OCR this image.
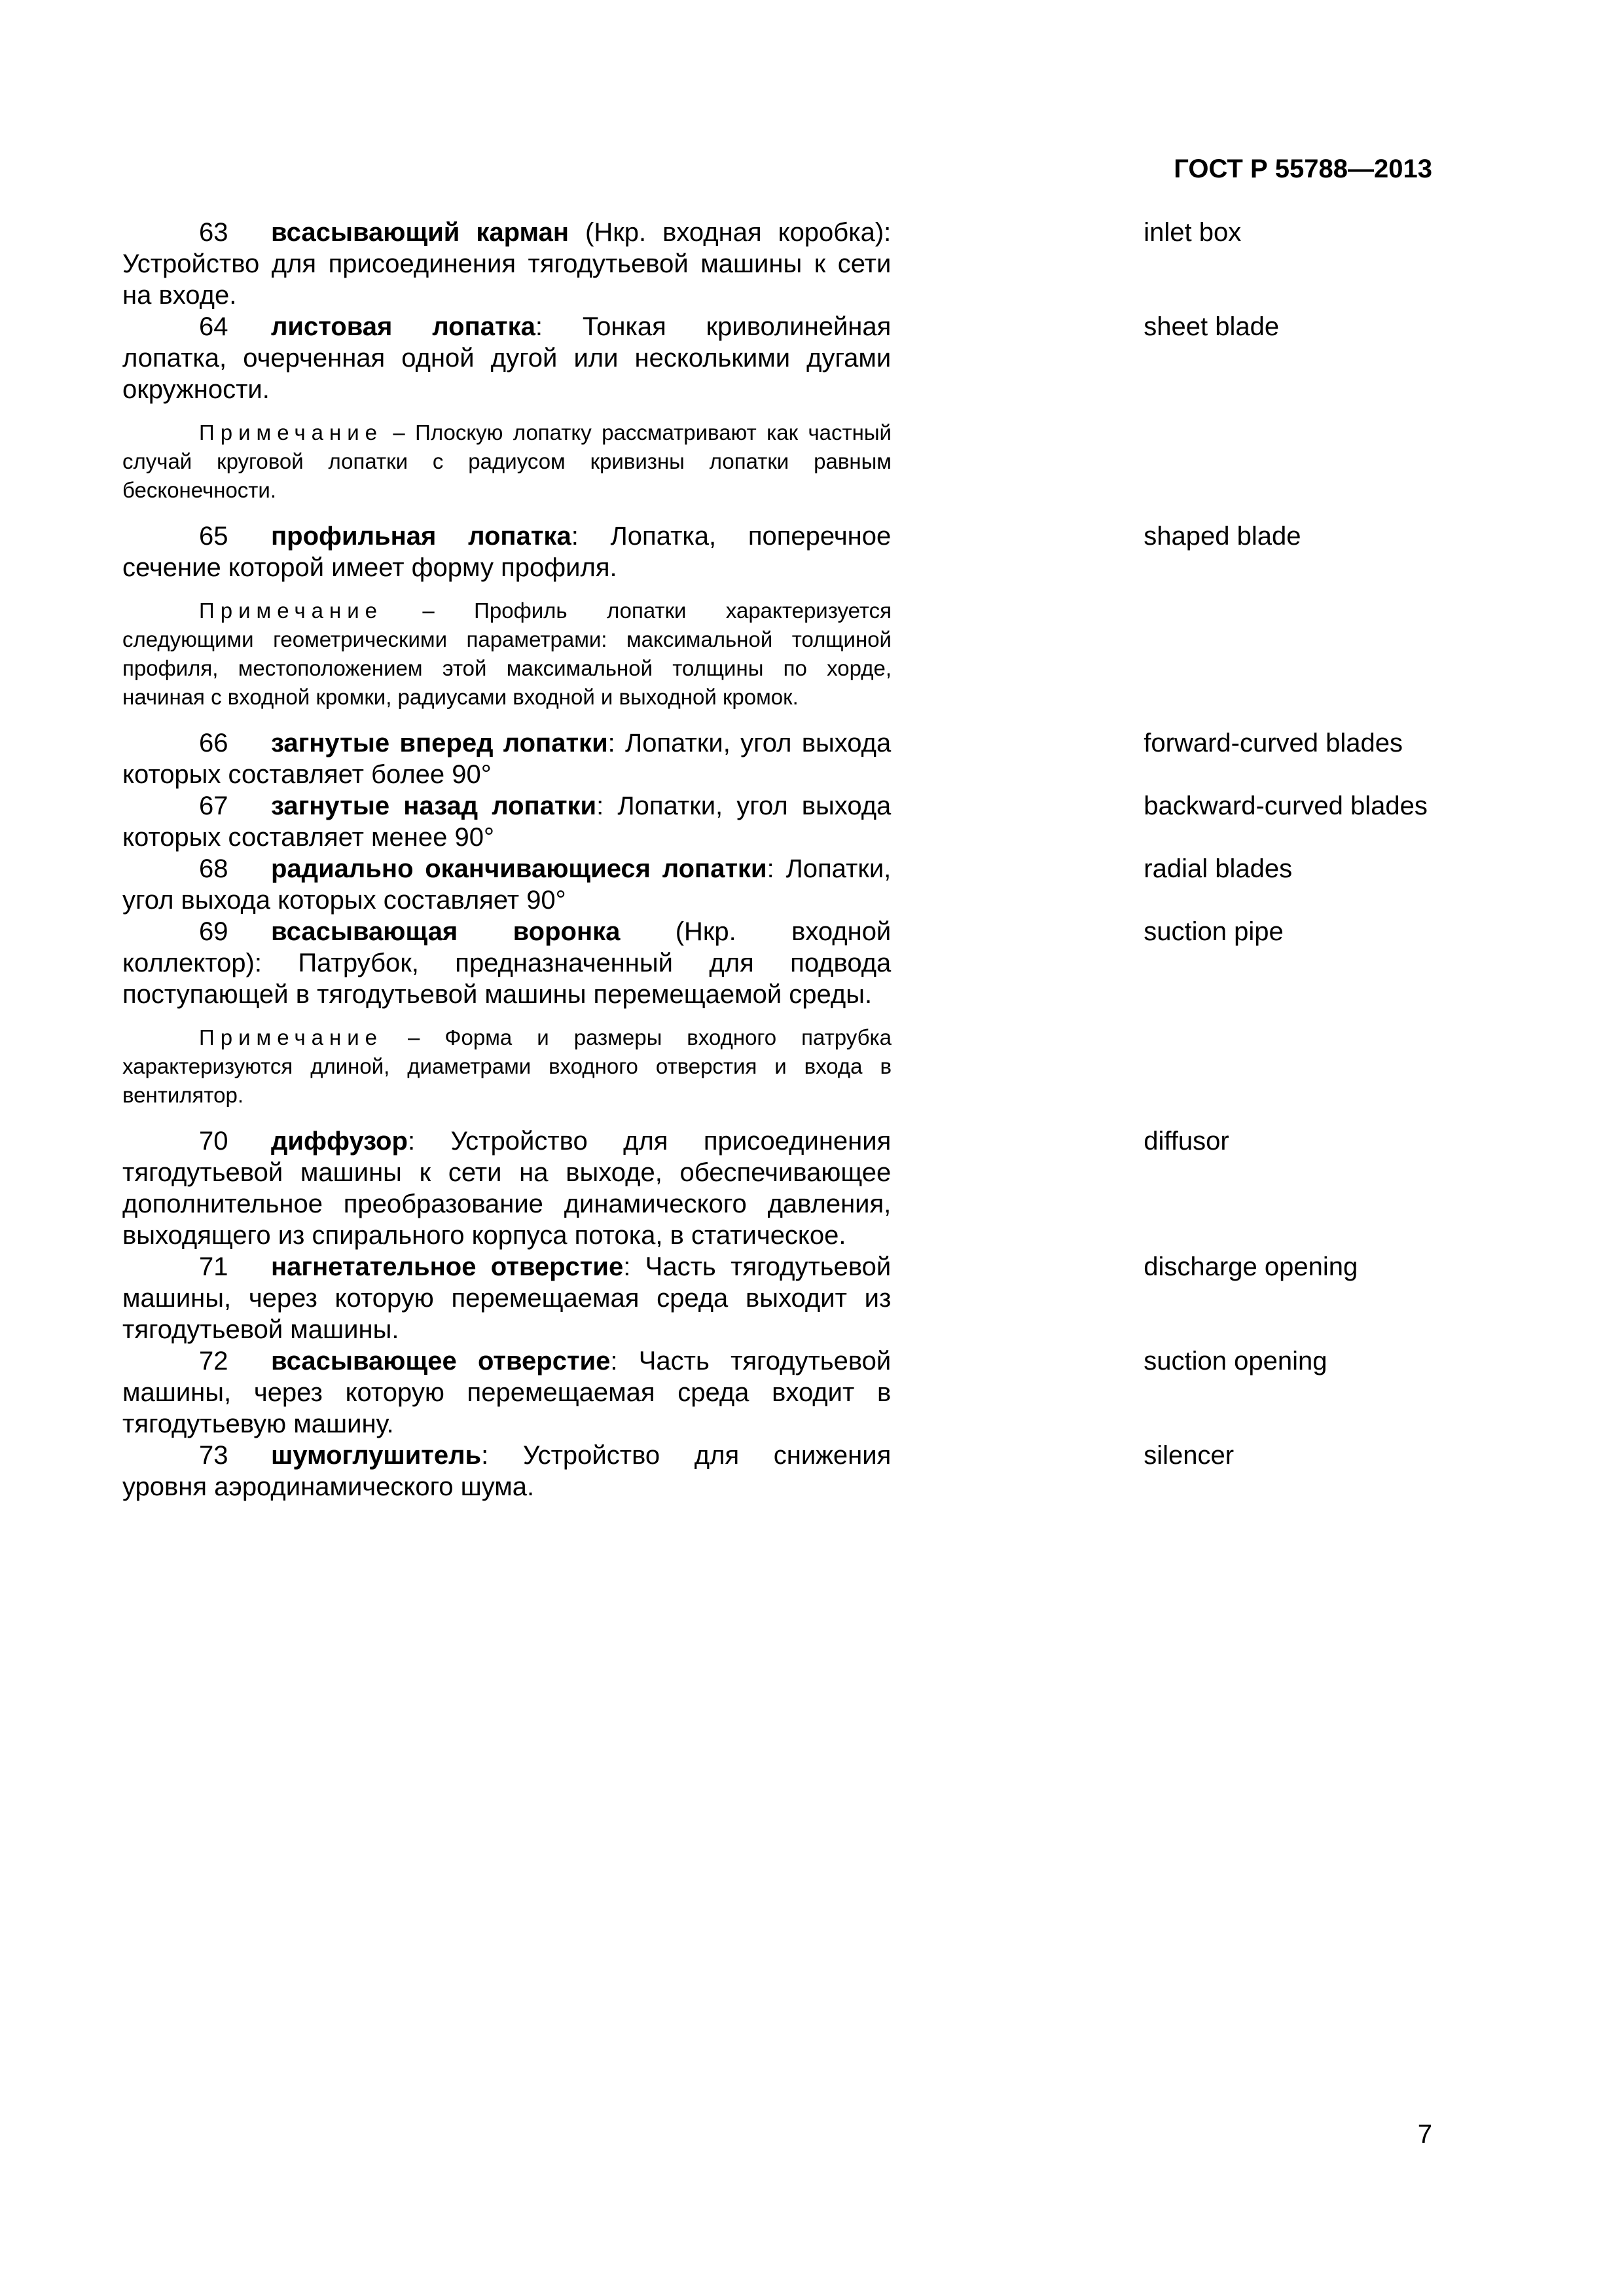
ГОСТ Р 55788—2013
63 всасывающий карман (Нкр. входная коробка): Устройство для присоединения тягодутьевой машины к сети на входе.
inlet box
64 листовая лопатка: Тонкая криволинейная лопатка, очерченная одной дугой или несколькими дугами окружности.
sheet blade
Примечание – Плоскую лопатку рассматривают как частный случай круговой лопатки с радиусом кривизны лопатки равным бесконечности.
65 профильная лопатка: Лопатка, поперечное сечение которой имеет форму профиля.
shaped blade
Примечание – Профиль лопатки характеризуется следующими геометрическими параметрами: максимальной толщиной профиля, местоположением этой максимальной толщины по хорде, начиная с входной кромки, радиусами входной и выходной кромок.
66 загнутые вперед лопатки: Лопатки, угол выхода которых составляет более 90°
forward-curved blades
67 загнутые назад лопатки: Лопатки, угол выхода которых составляет менее 90°
backward-curved blades
68 радиально оканчивающиеся лопатки: Лопатки, угол выхода которых составляет 90°
radial blades
69 всасывающая воронка (Нкр. входной коллектор): Патрубок, предназначенный для подвода поступающей в тягодутьевой машины перемещаемой среды.
suction pipe
Примечание – Форма и размеры входного патрубка характеризуются длиной, диаметрами входного отверстия и входа в вентилятор.
70 диффузор: Устройство для присоединения тягодутьевой машины к сети на выходе, обеспечивающее дополнительное преобразование динамического давления, выходящего из спирального корпуса потока, в статическое.
diffusor
71 нагнетательное отверстие: Часть тягодутьевой машины, через которую перемещаемая среда выходит из тягодутьевой машины.
discharge opening
72 всасывающее отверстие: Часть тягодутьевой машины, через которую перемещаемая среда входит в тягодутьевую машину.
suction opening
73 шумоглушитель: Устройство для снижения уровня аэродинамического шума.
silencer
7
